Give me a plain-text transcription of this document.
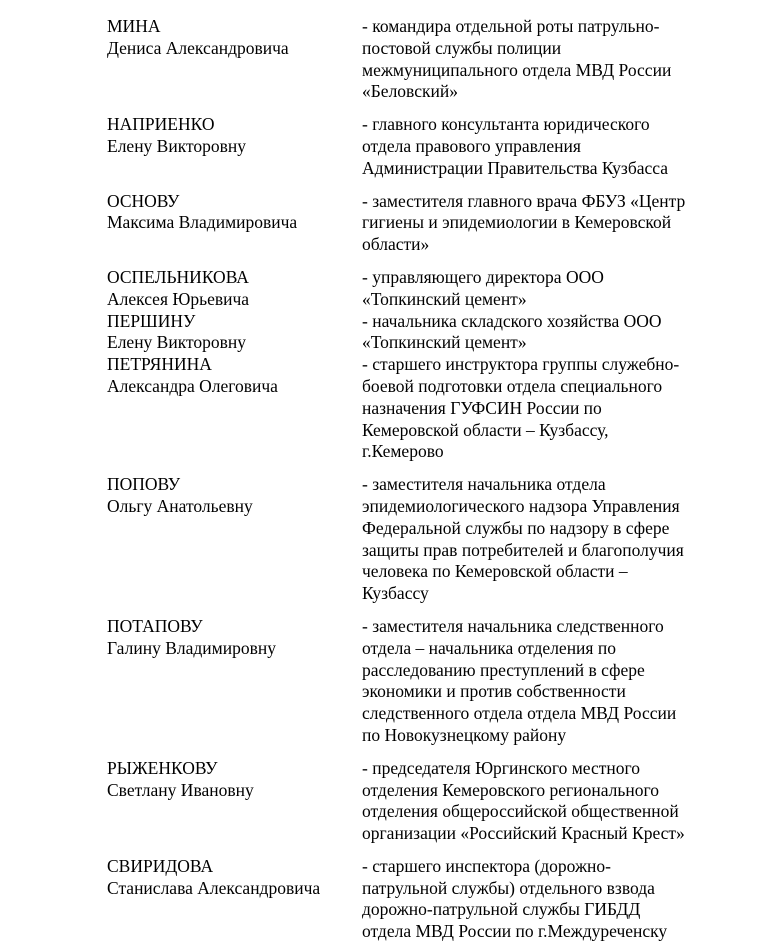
МИНА
Дениса Александровича
- командира отдельной роты патрульно-
постовой службы полиции
межмуниципального отдела МВД России
«Беловский»
НАПРИЕНКО
Елену Викторовну
- главного консультанта юридического
отдела правового управления
Администрации Правительства Кузбасса
ОСНОВУ
Максима Владимировича
- заместителя главного врача ФБУЗ «Центр
гигиены и эпидемиологии в Кемеровской
области»
ОСПЕЛЬНИКОВА
Алексея Юрьевича
- управляющего директора ООО
«Топкинский цемент»
ПЕРШИНУ
Елену Викторовну
- начальника складского хозяйства ООО
«Топкинский цемент»
ПЕТРЯНИНА
Александра Олеговича
- старшего инструктора группы служебно-
боевой подготовки отдела специального
назначения ГУФСИН России по
Кемеровской области – Кузбассу,
г.Кемерово
ПОПОВУ
Ольгу Анатольевну
- заместителя начальника отдела
эпидемиологического надзора Управления
Федеральной службы по надзору в сфере
защиты прав потребителей и благополучия
человека по Кемеровской области –
Кузбассу
ПОТАПОВУ
Галину Владимировну
- заместителя начальника следственного
отдела – начальника отделения по
расследованию преступлений в сфере
экономики и против собственности
следственного отдела отдела МВД России
по Новокузнецкому району
РЫЖЕНКОВУ
Светлану Ивановну
- председателя Юргинского местного
отделения Кемеровского регионального
отделения общероссийской общественной
организации «Российский Красный Крест»
СВИРИДОВА
Станислава Александровича
- старшего инспектора (дорожно-
патрульной службы) отдельного взвода
дорожно-патрульной службы ГИБДД
отдела МВД России по г.Междуреченску
